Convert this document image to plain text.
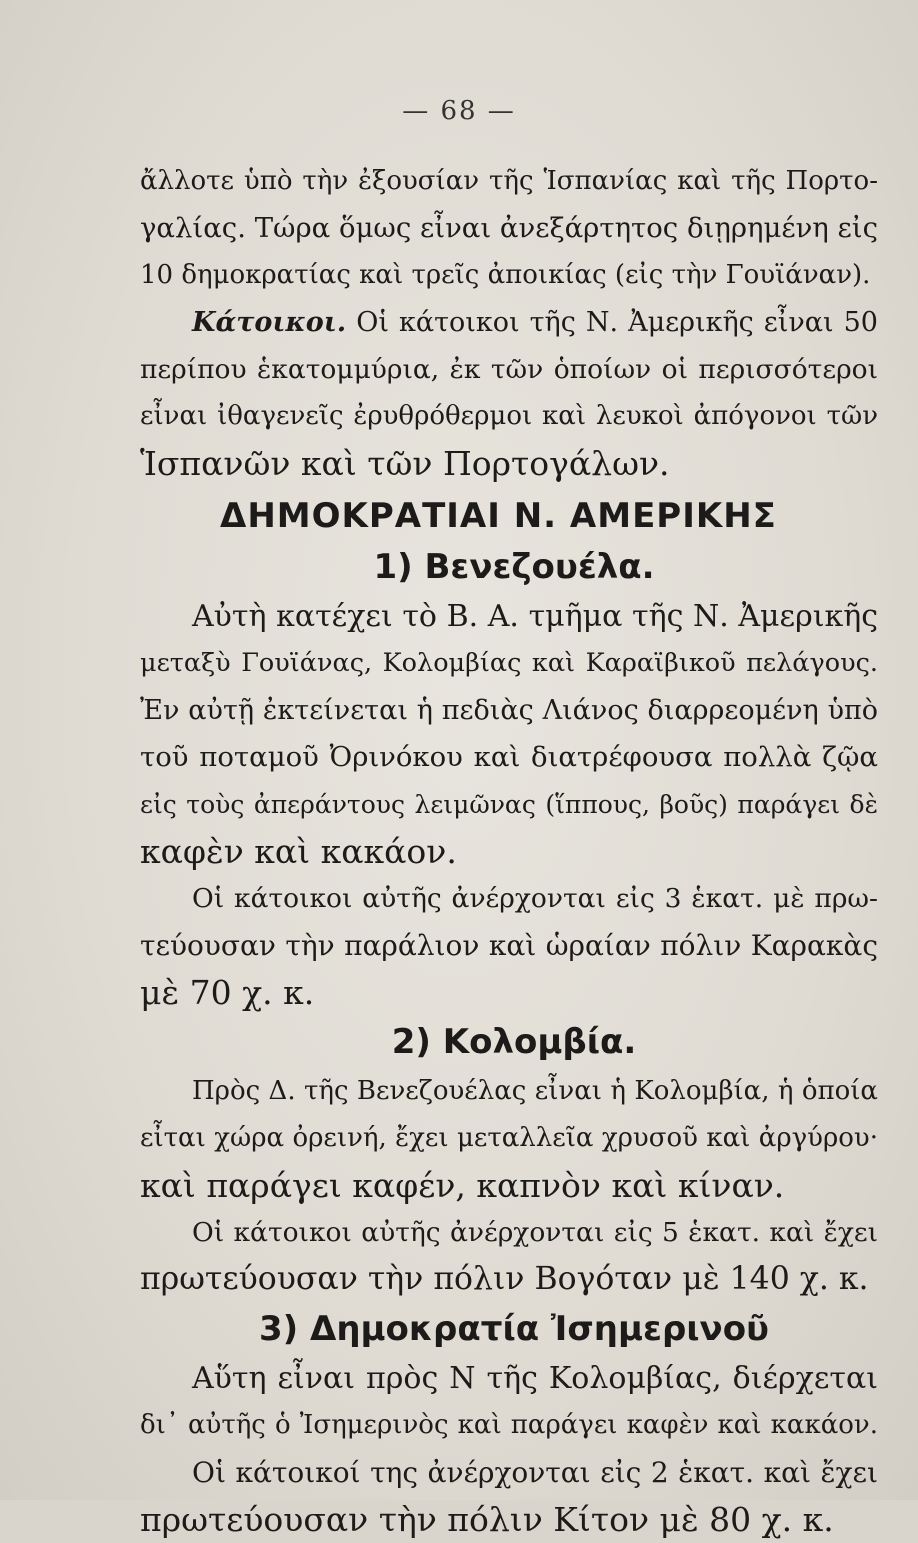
— 68 —
ἄλλοτε ὑπὸ τὴν ἐξουσίαν τῆς Ἱσπανίας καὶ τῆς Πορτο-
γαλίας. Τώρα ὅμως εἶναι ἀνεξάρτητος διῃρημένη εἰς
10 δημοκρατίας καὶ τρεῖς ἀποικίας (εἰς τὴν Γουϊάναν).
Κάτοικοι. Οἱ κάτοικοι τῆς Ν. Ἀμερικῆς εἶναι 50
περίπου ἑκατομμύρια, ἐκ τῶν ὁποίων οἱ περισσότεροι
εἶναι ἰθαγενεῖς ἐρυθρόθερμοι καὶ λευκοὶ ἀπόγονοι τῶν
Ἱσπανῶν καὶ τῶν Πορτογάλων.
ΔΗΜΟΚΡΑΤΙΑΙ Ν. ΑΜΕΡΙΚΗΣ
1) Βενεζουέλα.
Αὐτὴ κατέχει τὸ Β. Α. τμῆμα τῆς Ν. Ἀμερικῆς
μεταξὺ Γουϊάνας, Κολομβίας καὶ Καραϊβικοῦ πελάγους.
Ἐν αὐτῇ ἐκτείνεται ἡ πεδιὰς Λιάνος διαρρεομένη ὑπὸ
τοῦ ποταμοῦ Ὀρινόκου καὶ διατρέφουσα πολλὰ ζῷα
εἰς τοὺς ἀπεράντους λειμῶνας (ἵππους, βοῦς) παράγει δὲ
καφὲν καὶ κακάον.
Οἱ κάτοικοι αὐτῆς ἀνέρχονται εἰς 3 ἑκατ. μὲ πρω-
τεύουσαν τὴν παράλιον καὶ ὡραίαν πόλιν Καρακὰς
μὲ 70 χ. κ.
2) Κολομβία.
Πρὸς Δ. τῆς Βενεζουέλας εἶναι ἡ Κολομβία, ἡ ὁποία
εἶται χώρα ὀρεινή, ἔχει μεταλλεῖα χρυσοῦ καὶ ἀργύρου·
καὶ παράγει καφέν, καπνὸν καὶ κίναν.
Οἱ κάτοικοι αὐτῆς ἀνέρχονται εἰς 5 ἑκατ. καὶ ἔχει
πρωτεύουσαν τὴν πόλιν Βογόταν μὲ 140 χ. κ.
3) Δημοκρατία Ἰσημερινοῦ
Αὕτη εἶναι πρὸς Ν τῆς Κολομβίας, διέρχεται
δι᾽ αὐτῆς ὁ Ἰσημερινὸς καὶ παράγει καφὲν καὶ κακάον.
Οἱ κάτοικοί της ἀνέρχονται εἰς 2 ἑκατ. καὶ ἔχει
πρωτεύουσαν τὴν πόλιν Κίτον μὲ 80 χ. κ.
